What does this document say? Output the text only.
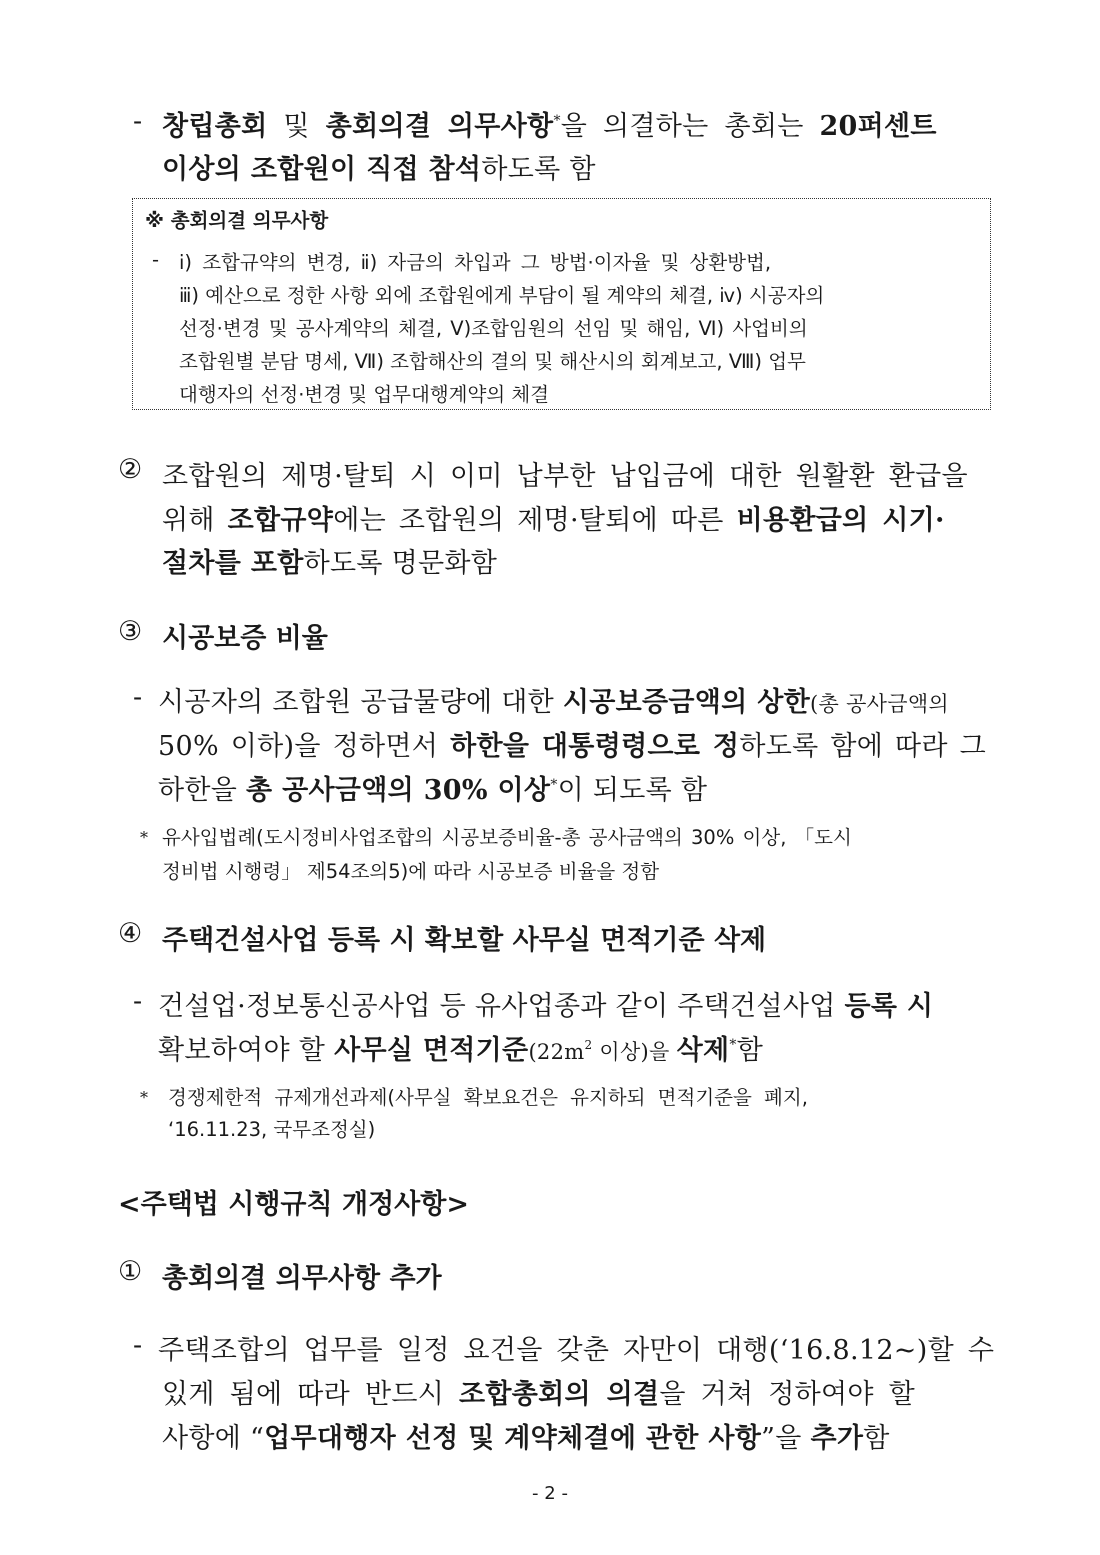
- 창립총회 및 총회의결 의무사항*을 의결하는 총회는 20퍼센트
이상의 조합원이 직접 참석하도록 함
※ 총회의결 의무사항
- ⅰ) 조합규약의 변경, ⅱ) 자금의 차입과 그 방법·이자율 및 상환방법,
ⅲ) 예산으로 정한 사항 외에 조합원에게 부담이 될 계약의 체결, ⅳ) 시공자의
선정·변경 및 공사계약의 체결, Ⅴ)조합임원의 선임 및 해임, Ⅵ) 사업비의
조합원별 분담 명세, Ⅶ) 조합해산의 결의 및 해산시의 회계보고, Ⅷ) 업무
대행자의 선정·변경 및 업무대행계약의 체결
② 조합원의 제명·탈퇴 시 이미 납부한 납입금에 대한 원활환 환급을
위해 조합규약에는 조합원의 제명·탈퇴에 따른 비용환급의 시기·
절차를 포함하도록 명문화함
③ 시공보증 비율
- 시공자의 조합원 공급물량에 대한 시공보증금액의 상한(총 공사금액의
50% 이하)을 정하면서 하한을 대통령령으로 정하도록 함에 따라 그
하한을 총 공사금액의 30% 이상*이 되도록 함
* 유사입법례(도시정비사업조합의 시공보증비율-총 공사금액의 30% 이상, 「도시
정비법 시행령」 제54조의5)에 따라 시공보증 비율을 정함
④ 주택건설사업 등록 시 확보할 사무실 면적기준 삭제
- 건설업·정보통신공사업 등 유사업종과 같이 주택건설사업 등록 시
확보하여야 할 사무실 면적기준($22m^2$ 이상)을 삭제*함
* 경쟁제한적 규제개선과제(사무실 확보요건은 유지하되 면적기준을 폐지,
‘16.11.23, 국무조정실)
<주택법 시행규칙 개정사항>
① 총회의결 의무사항 추가
- 주택조합의 업무를 일정 요건을 갖춘 자만이 대행(‘16.8.12~)할 수
있게 됨에 따라 반드시 조합총회의 의결을 거쳐 정하여야 할
사항에 “업무대행자 선정 및 계약체결에 관한 사항”을 추가함
- 2 -
